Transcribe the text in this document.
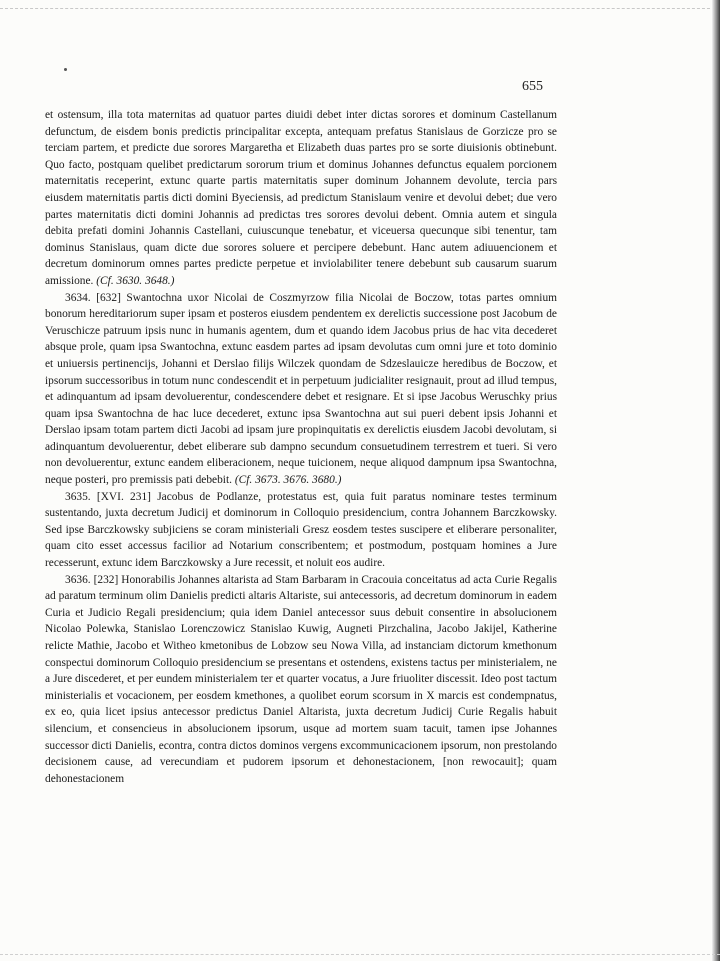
655

et ostensum, illa tota maternitas ad quatuor partes diuidi debet inter dictas sorores et dominum Castellanum defunctum, de eisdem bonis predictis principalitar excepta, antequam prefatus Stanislaus de Gorzicze pro se terciam partem, et predicte due sorores Margaretha et Elizabeth duas partes pro se sorte diuisionis obtinebunt. Quo facto, postquam quelibet predictarum sororum trium et dominus Johannes defunctus equalem porcionem maternitatis receperint, extunc quarte partis maternitatis super dominum Johannem devolute, tercia pars eiusdem maternitatis partis dicti domini Byeciensis, ad predictum Stanislaum venire et devolui debet; due vero partes maternitatis dicti domini Johannis ad predictas tres sorores devolui debent. Omnia autem et singula debita prefati domini Johannis Castellani, cuiuscunque tenebatur, et viceuersa quecunque sibi tenentur, tam dominus Stanislaus, quam dicte due sorores soluere et percipere debebunt. Hanc autem adiuuencionem et decretum dominorum omnes partes predicte perpetue et inviolabiliter tenere debebunt sub causarum suarum amissione. (Cf. 3630. 3648.)

3634. [632] Swantochna uxor Nicolai de Coszmyrzow filia Nicolai de Boczow, totas partes omnium bonorum hereditariorum super ipsam et posteros eiusdem pendentem ex derelictis successione post Jacobum de Veruschicze patruum ipsis nunc in humanis agentem, dum et quando idem Jacobus prius de hac vita decederet absque prole, quam ipsa Swantochna, extunc easdem partes ad ipsam devolutas cum omni jure et toto dominio et uniuersis pertinencijs, Johanni et Derslao filijs Wilczek quondam de Sdzeslauicze heredibus de Boczow, et ipsorum successoribus in totum nunc condescendit et in perpetuum judicialiter resignauit, prout ad illud tempus, et adinquantum ad ipsam devoluerentur, condescendere debet et resignare. Et si ipse Jacobus Weruschky prius quam ipsa Swantochna de hac luce decederet, extunc ipsa Swantochna aut sui pueri debent ipsis Johanni et Derslao ipsam totam partem dicti Jacobi ad ipsam jure propinquitatis ex derelictis eiusdem Jacobi devolutam, si adinquantum devoluerentur, debet eliberare sub dampno secundum consuetudinem terrestrem et tueri. Si vero non devoluerentur, extunc eandem eliberacionem, neque tuicionem, neque aliquod dampnum ipsa Swantochna, neque posteri, pro premissis pati debebit. (Cf. 3673. 3676. 3680.)

3635. [XVI. 231] Jacobus de Podlanze, protestatus est, quia fuit paratus nominare testes terminum sustentando, juxta decretum Judicij et dominorum in Colloquio presidencium, contra Johannem Barczkowsky. Sed ipse Barczkowsky subjiciens se coram ministeriali Gresz eosdem testes suscipere et eliberare personaliter, quam cito esset accessus facilior ad Notarium conscribentem; et postmodum, postquam homines a Jure recesserunt, extunc idem Barczkowsky a Jure recessit, et noluit eos audire.

3636. [232] Honorabilis Johannes altarista ad Stam Barbaram in Cracouia conceitatus ad acta Curie Regalis ad paratum terminum olim Danielis predicti altaris Altariste, sui antecessoris, ad decretum dominorum in eadem Curia et Judicio Regali presidencium; quia idem Daniel antecessor suus debuit consentire in absolucionem Nicolao Polewka, Stanislao Lorenczowicz Stanislao Kuwig, Augneti Pirzchalina, Jacobo Jakijel, Katherine relicte Mathie, Jacobo et Witheo kmetonibus de Lobzow seu Nowa Villa, ad instanciam dictorum kmethonum conspectui dominorum Colloquio presidencium se presentans et ostendens, existens tactus per ministerialem, ne a Jure discederet, et per eundem ministerialem ter et quarter vocatus, a Jure friuoliter discessit. Ideo post tactum ministerialis et vocacionem, per eosdem kmethones, a quolibet eorum scorsum in X marcis est condempnatus, ex eo, quia licet ipsius antecessor predictus Daniel Altarista, juxta decretum Judicij Curie Regalis habuit silencium, et consencieus in absolucionem ipsorum, usque ad mortem suam tacuit, tamen ipse Johannes successor dicti Danielis, econtra, contra dictos dominos vergens excommunicacionem ipsorum, non prestolando decisionem cause, ad verecundiam et pudorem ipsorum et dehonestacionem, [non rewocauit]; quam dehonestacionem
